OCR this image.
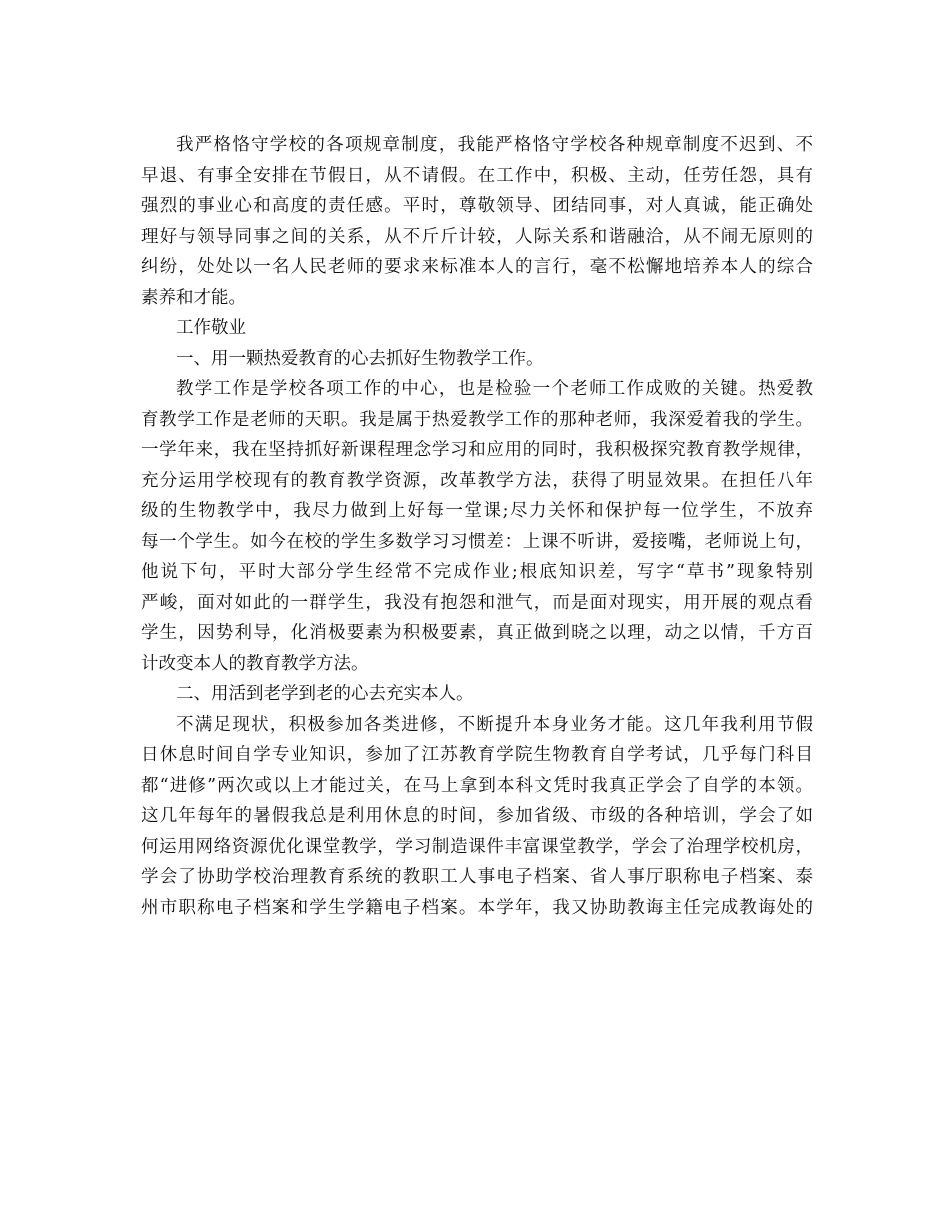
我严格恪守学校的各项规章制度，我能严格恪守学校各种规章制度不迟到、不
早退、有事全安排在节假日，从不请假。在工作中，积极、主动，任劳任怨，具有
强烈的事业心和高度的责任感。平时，尊敬领导、团结同事，对人真诚，能正确处
理好与领导同事之间的关系，从不斤斤计较，人际关系和谐融洽，从不闹无原则的
纠纷，处处以一名人民老师的要求来标准本人的言行，毫不松懈地培养本人的综合
素养和才能。
工作敬业
一、用一颗热爱教育的心去抓好生物教学工作。
教学工作是学校各项工作的中心，也是检验一个老师工作成败的关键。热爱教
育教学工作是老师的天职。我是属于热爱教学工作的那种老师，我深爱着我的学生。
一学年来，我在坚持抓好新课程理念学习和应用的同时，我积极探究教育教学规律，
充分运用学校现有的教育教学资源，改革教学方法，获得了明显效果。在担任八年
级的生物教学中，我尽力做到上好每一堂课;尽力关怀和保护每一位学生，不放弃
每一个学生。如今在校的学生多数学习习惯差：上课不听讲，爱接嘴，老师说上句，
他说下句，平时大部分学生经常不完成作业;根底知识差，写字“草书”现象特别
严峻，面对如此的一群学生，我没有抱怨和泄气，而是面对现实，用开展的观点看
学生，因势利导，化消极要素为积极要素，真正做到晓之以理，动之以情，千方百
计改变本人的教育教学方法。
二、用活到老学到老的心去充实本人。
不满足现状，积极参加各类进修，不断提升本身业务才能。这几年我利用节假
日休息时间自学专业知识，参加了江苏教育学院生物教育自学考试，几乎每门科目
都“进修”两次或以上才能过关，在马上拿到本科文凭时我真正学会了自学的本领。
这几年每年的暑假我总是利用休息的时间，参加省级、市级的各种培训，学会了如
何运用网络资源优化课堂教学，学习制造课件丰富课堂教学，学会了治理学校机房，
学会了协助学校治理教育系统的教职工人事电子档案、省人事厅职称电子档案、泰
州市职称电子档案和学生学籍电子档案。本学年，我又协助教诲主任完成教诲处的
